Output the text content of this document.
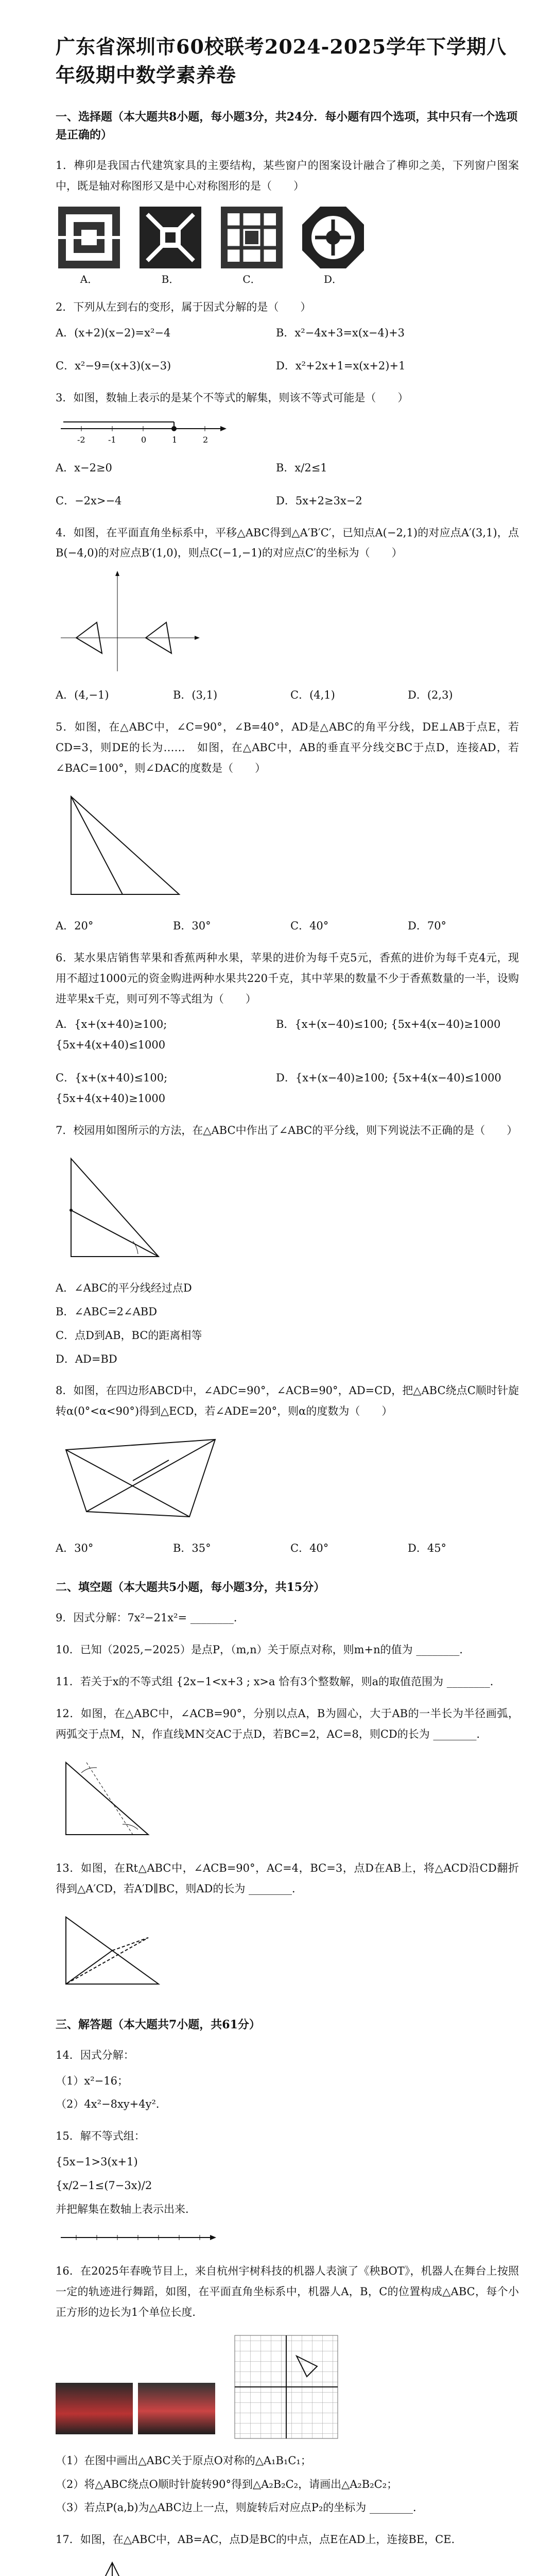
广东省深圳市60校联考2024-2025学年下学期八年级期中数学素养卷
一、选择题（本大题共8小题，每小题3分，共24分．每小题有四个选项，其中只有一个选项是正确的）
1．榫卯是我国古代建筑家具的主要结构，某些窗户的图案设计融合了榫卯之美，下列窗户图案中，既是轴对称图形又是中心对称图形的是（　　）
A．	B．	C．	D．
2．下列从左到右的变形，属于因式分解的是（　　）
A．(x+2)(x−2)=x²−4	B．x²−4x+3=x(x−4)+3
C．x²−9=(x+3)(x−3)	D．x²+2x+1=x(x+2)+1
3．如图，数轴上表示的是某个不等式的解集，则该不等式可能是（　　）
-2	-1	0	1	2
A．x−2≥0	B．x/2≤1
C．−2x>−4	D．5x+2≥3x−2
4．如图，在平面直角坐标系中，平移△ABC得到△A′B′C′，已知点A(−2,1)的对应点A′(3,1)，点B(−4,0)的对应点B′(1,0)，则点C(−1,−1)的对应点C′的坐标为（　　）
A．(4,−1)	B．(3,1)	C．(4,1)	D．(2,3)
5．如图，在△ABC中，∠C=90°，∠B=40°，AD是△ABC的角平分线，DE⊥AB于点E，若CD=3，则DE的长为……　如图，在△ABC中，AB的垂直平分线交BC于点D，连接AD，若∠BAC=100°，则∠DAC的度数是（　　）
A．20°	B．30°	C．40°	D．70°
6．某水果店销售苹果和香蕉两种水果，苹果的进价为每千克5元，香蕉的进价为每千克4元，现用不超过1000元的资金购进两种水果共220千克，其中苹果的数量不少于香蕉数量的一半，设购进苹果x千克，则可列不等式组为（　　）
A．{x+(x+40)≥100; {5x+4(x+40)≤1000
B．{x+(x−40)≤100; {5x+4(x−40)≥1000
C．{x+(x+40)≤100; {5x+4(x+40)≥1000
D．{x+(x−40)≥100; {5x+4(x−40)≤1000
7．校园用如图所示的方法，在△ABC中作出了∠ABC的平分线，则下列说法不正确的是（　　）
A．∠ABC的平分线经过点D
B．∠ABC=2∠ABD
C．点D到AB，BC的距离相等
D．AD=BD
8．如图，在四边形ABCD中，∠ADC=90°，∠ACB=90°，AD=CD，把△ABC绕点C顺时针旋转α(0°<α<90°)得到△ECD，若∠ADE=20°，则α的度数为（　　）
A．30°	B．35°	C．40°	D．45°
二、填空题（本大题共5小题，每小题3分，共15分）
9．因式分解：7x²−21x²= ________．
10．已知（2025,−2025）是点P，（m,n）关于原点对称，则m+n的值为 ________．
11．若关于x的不等式组 {2x−1<x+3 ; x>a 恰有3个整数解，则a的取值范围为 ________．
12．如图，在△ABC中，∠ACB=90°，分别以点A，B为圆心，大于AB的一半长为半径画弧，两弧交于点M，N，作直线MN交AC于点D，若BC=2，AC=8，则CD的长为 ________．
13．如图，在Rt△ABC中，∠ACB=90°，AC=4，BC=3，点D在AB上，将△ACD沿CD翻折得到△A′CD，若A′D∥BC，则AD的长为 ________．
三、解答题（本大题共7小题，共61分）
14．因式分解：
（1）x²−16；
（2）4x²−8xy+4y²．
15．解不等式组：
{5x−1>3(x+1)
{x/2−1≤(7−3x)/2
并把解集在数轴上表示出来．
16．在2025年春晚节目上，来自杭州宇树科技的机器人表演了《秧BOT》，机器人在舞台上按照一定的轨迹进行舞蹈，如图，在平面直角坐标系中，机器人A，B，C的位置构成△ABC，每个小正方形的边长为1个单位长度．
（1）在图中画出△ABC关于原点O对称的△A₁B₁C₁；
（2）将△ABC绕点O顺时针旋转90°得到△A₂B₂C₂，请画出△A₂B₂C₂；
（3）若点P(a,b)为△ABC边上一点，则旋转后对应点P₂的坐标为 ________．
17．如图，在△ABC中，AB=AC，点D是BC的中点，点E在AD上，连接BE，CE．
